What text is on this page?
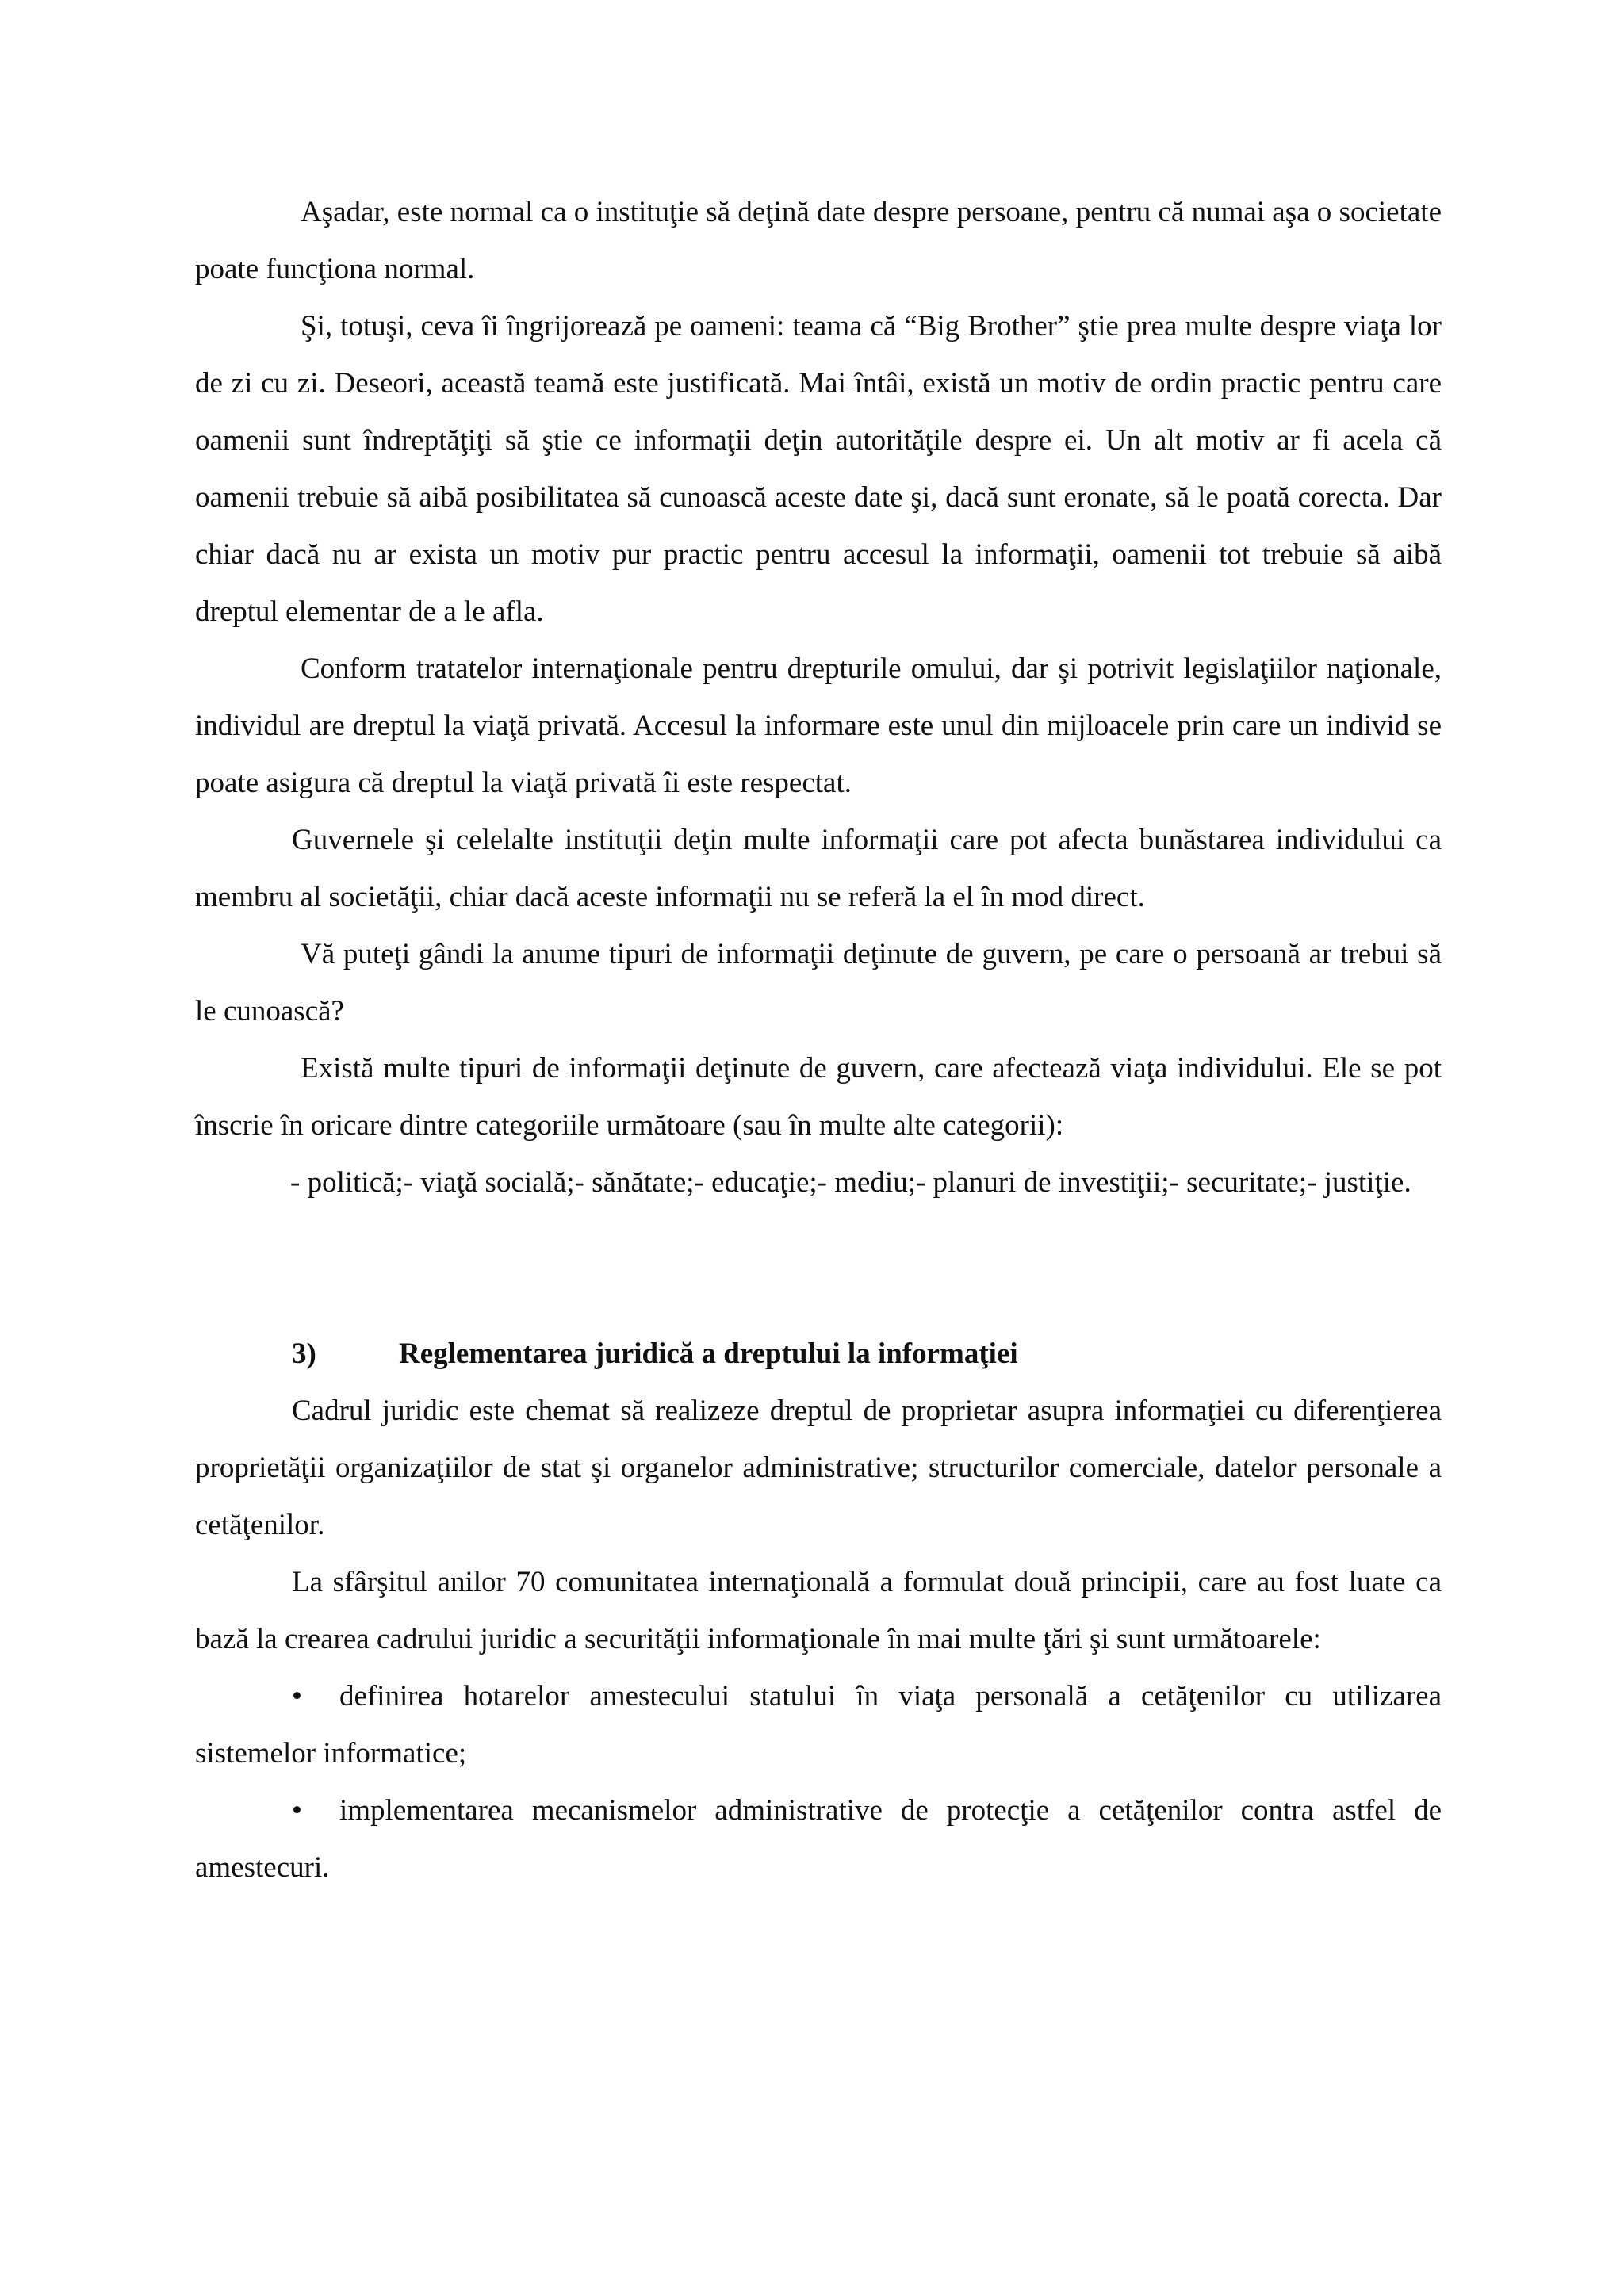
Aşadar, este normal ca o instituţie să deţină date despre persoane, pentru că numai aşa o societate poate funcţiona normal.

Şi, totuşi, ceva îi îngrijorează pe oameni: teama că “Big Brother” ştie prea multe despre viaţa lor de zi cu zi. Deseori, această teamă este justificată. Mai întâi, există un motiv de ordin practic pentru care oamenii sunt îndreptăţiţi să ştie ce informaţii deţin autorităţile despre ei. Un alt motiv ar fi acela că oamenii trebuie să aibă posibilitatea să cunoască aceste date şi, dacă sunt eronate, să le poată corecta. Dar chiar dacă nu ar exista un motiv pur practic pentru accesul la informaţii, oamenii tot trebuie să aibă dreptul elementar de a le afla.

Conform tratatelor internaţionale pentru drepturile omului, dar şi potrivit legislaţiilor naţionale, individul are dreptul la viaţă privată. Accesul la informare este unul din mijloacele prin care un individ se poate asigura că dreptul la viaţă privată îi este respectat.

Guvernele şi celelalte instituţii deţin multe informaţii care pot afecta bunăstarea individului ca membru al societăţii, chiar dacă aceste informaţii nu se referă la el în mod direct.

Vă puteţi gândi la anume tipuri de informaţii deţinute de guvern, pe care o persoană ar trebui să le cunoască?

Există multe tipuri de informaţii deţinute de guvern, care afectează viaţa individului. Ele se pot înscrie în oricare dintre categoriile următoare (sau în multe alte categorii):

- politică;- viaţă socială;- sănătate;- educaţie;- mediu;- planuri de investiţii;- securitate;- justiţie.

3)	Reglementarea juridică a dreptului la informaţiei

Cadrul juridic este chemat să realizeze dreptul de proprietar asupra informaţiei cu diferenţierea proprietăţii organizaţiilor de stat şi organelor administrative; structurilor comerciale, datelor personale a cetăţenilor.

La sfârşitul anilor 70 comunitatea internaţională a formulat două principii, care au fost luate ca bază la crearea cadrului juridic a securităţii informaţionale în mai multe ţări şi sunt următoarele:

• definirea hotarelor amestecului statului în viaţa personală a cetăţenilor cu utilizarea sistemelor informatice;
• implementarea mecanismelor administrative de protecţie a cetăţenilor contra astfel de amestecuri.
